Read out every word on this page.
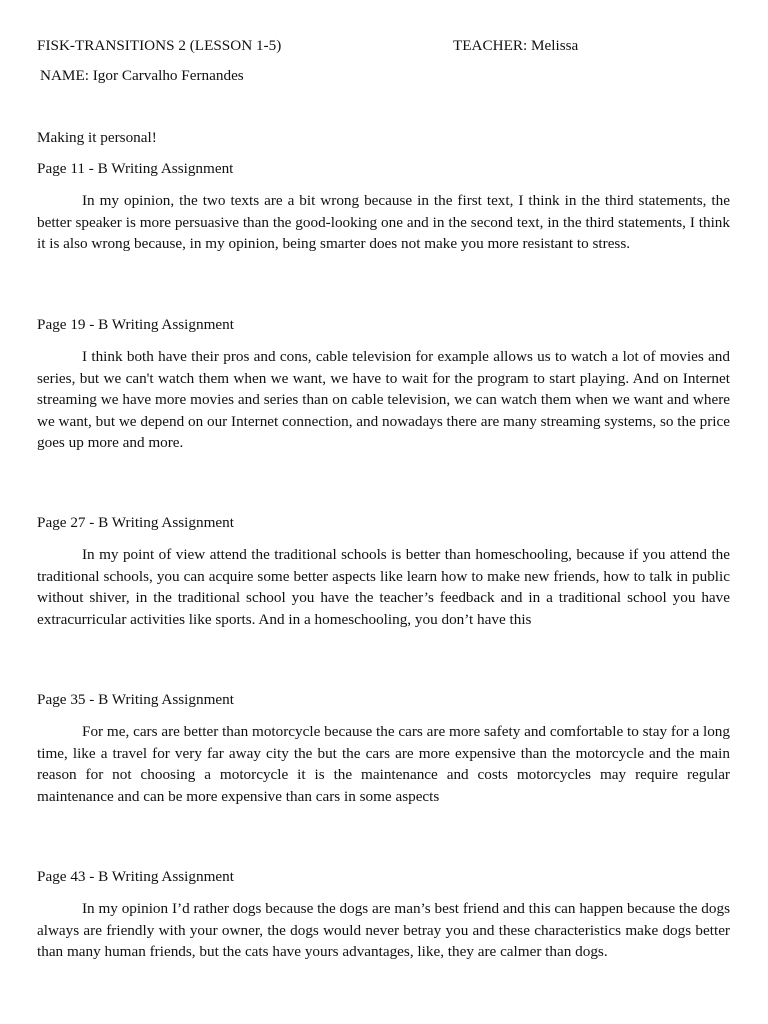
FISK-TRANSITIONS 2 (LESSON 1-5)	TEACHER: Melissa
NAME: Igor Carvalho Fernandes
Making it personal!

Page 11 - B Writing Assignment

In my opinion, the two texts are a bit wrong because in the first text, I think in the third statements, the better speaker is more persuasive than the good-looking one and in the second text, in the third statements, I think it is also wrong because, in my opinion, being smarter does not make you more resistant to stress.

Page 19 - B Writing Assignment

I think both have their pros and cons, cable television for example allows us to watch a lot of movies and series, but we can't watch them when we want, we have to wait for the program to start playing. And on Internet streaming we have more movies and series than on cable television, we can watch them when we want and where we want, but we depend on our Internet connection, and nowadays there are many streaming systems, so the price goes up more and more.

Page 27 - B Writing Assignment

In my point of view attend the traditional schools is better than homeschooling, because if you attend the traditional schools, you can acquire some better aspects like learn how to make new friends, how to talk in public without shiver, in the traditional school you have the teacher’s feedback and in a traditional school you have extracurricular activities like sports. And in a homeschooling, you don’t have this

Page 35 - B Writing Assignment

For me, cars are better than motorcycle because the cars are more safety and comfortable to stay for a long time, like a travel for very far away city the but the cars are more expensive than the motorcycle and the main reason for not choosing a motorcycle it is the maintenance and costs motorcycles may require regular maintenance and can be more expensive than cars in some aspects

Page 43 - B Writing Assignment

In my opinion I’d rather dogs because the dogs are man’s best friend and this can happen because the dogs always are friendly with your owner, the dogs would never betray you and these characteristics make dogs better than many human friends, but the cats have yours advantages, like, they are calmer than dogs.
